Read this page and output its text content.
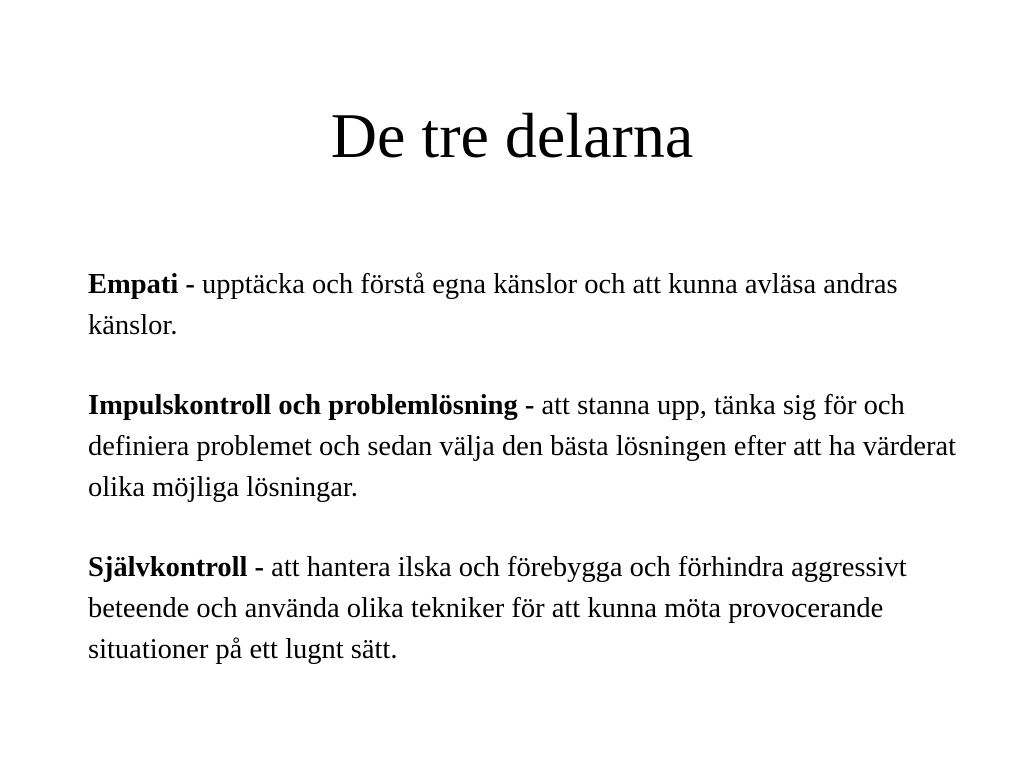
De tre delarna

Empati - upptäcka och förstå egna känslor och att kunna avläsa andras känslor.

Impulskontroll och problemlösning - att stanna upp, tänka sig för och definiera problemet och sedan välja den bästa lösningen efter att ha värderat olika möjliga lösningar.

Självkontroll - att hantera ilska och förebygga och förhindra aggressivt beteende och använda olika tekniker för att kunna möta provocerande situationer på ett lugnt sätt.
